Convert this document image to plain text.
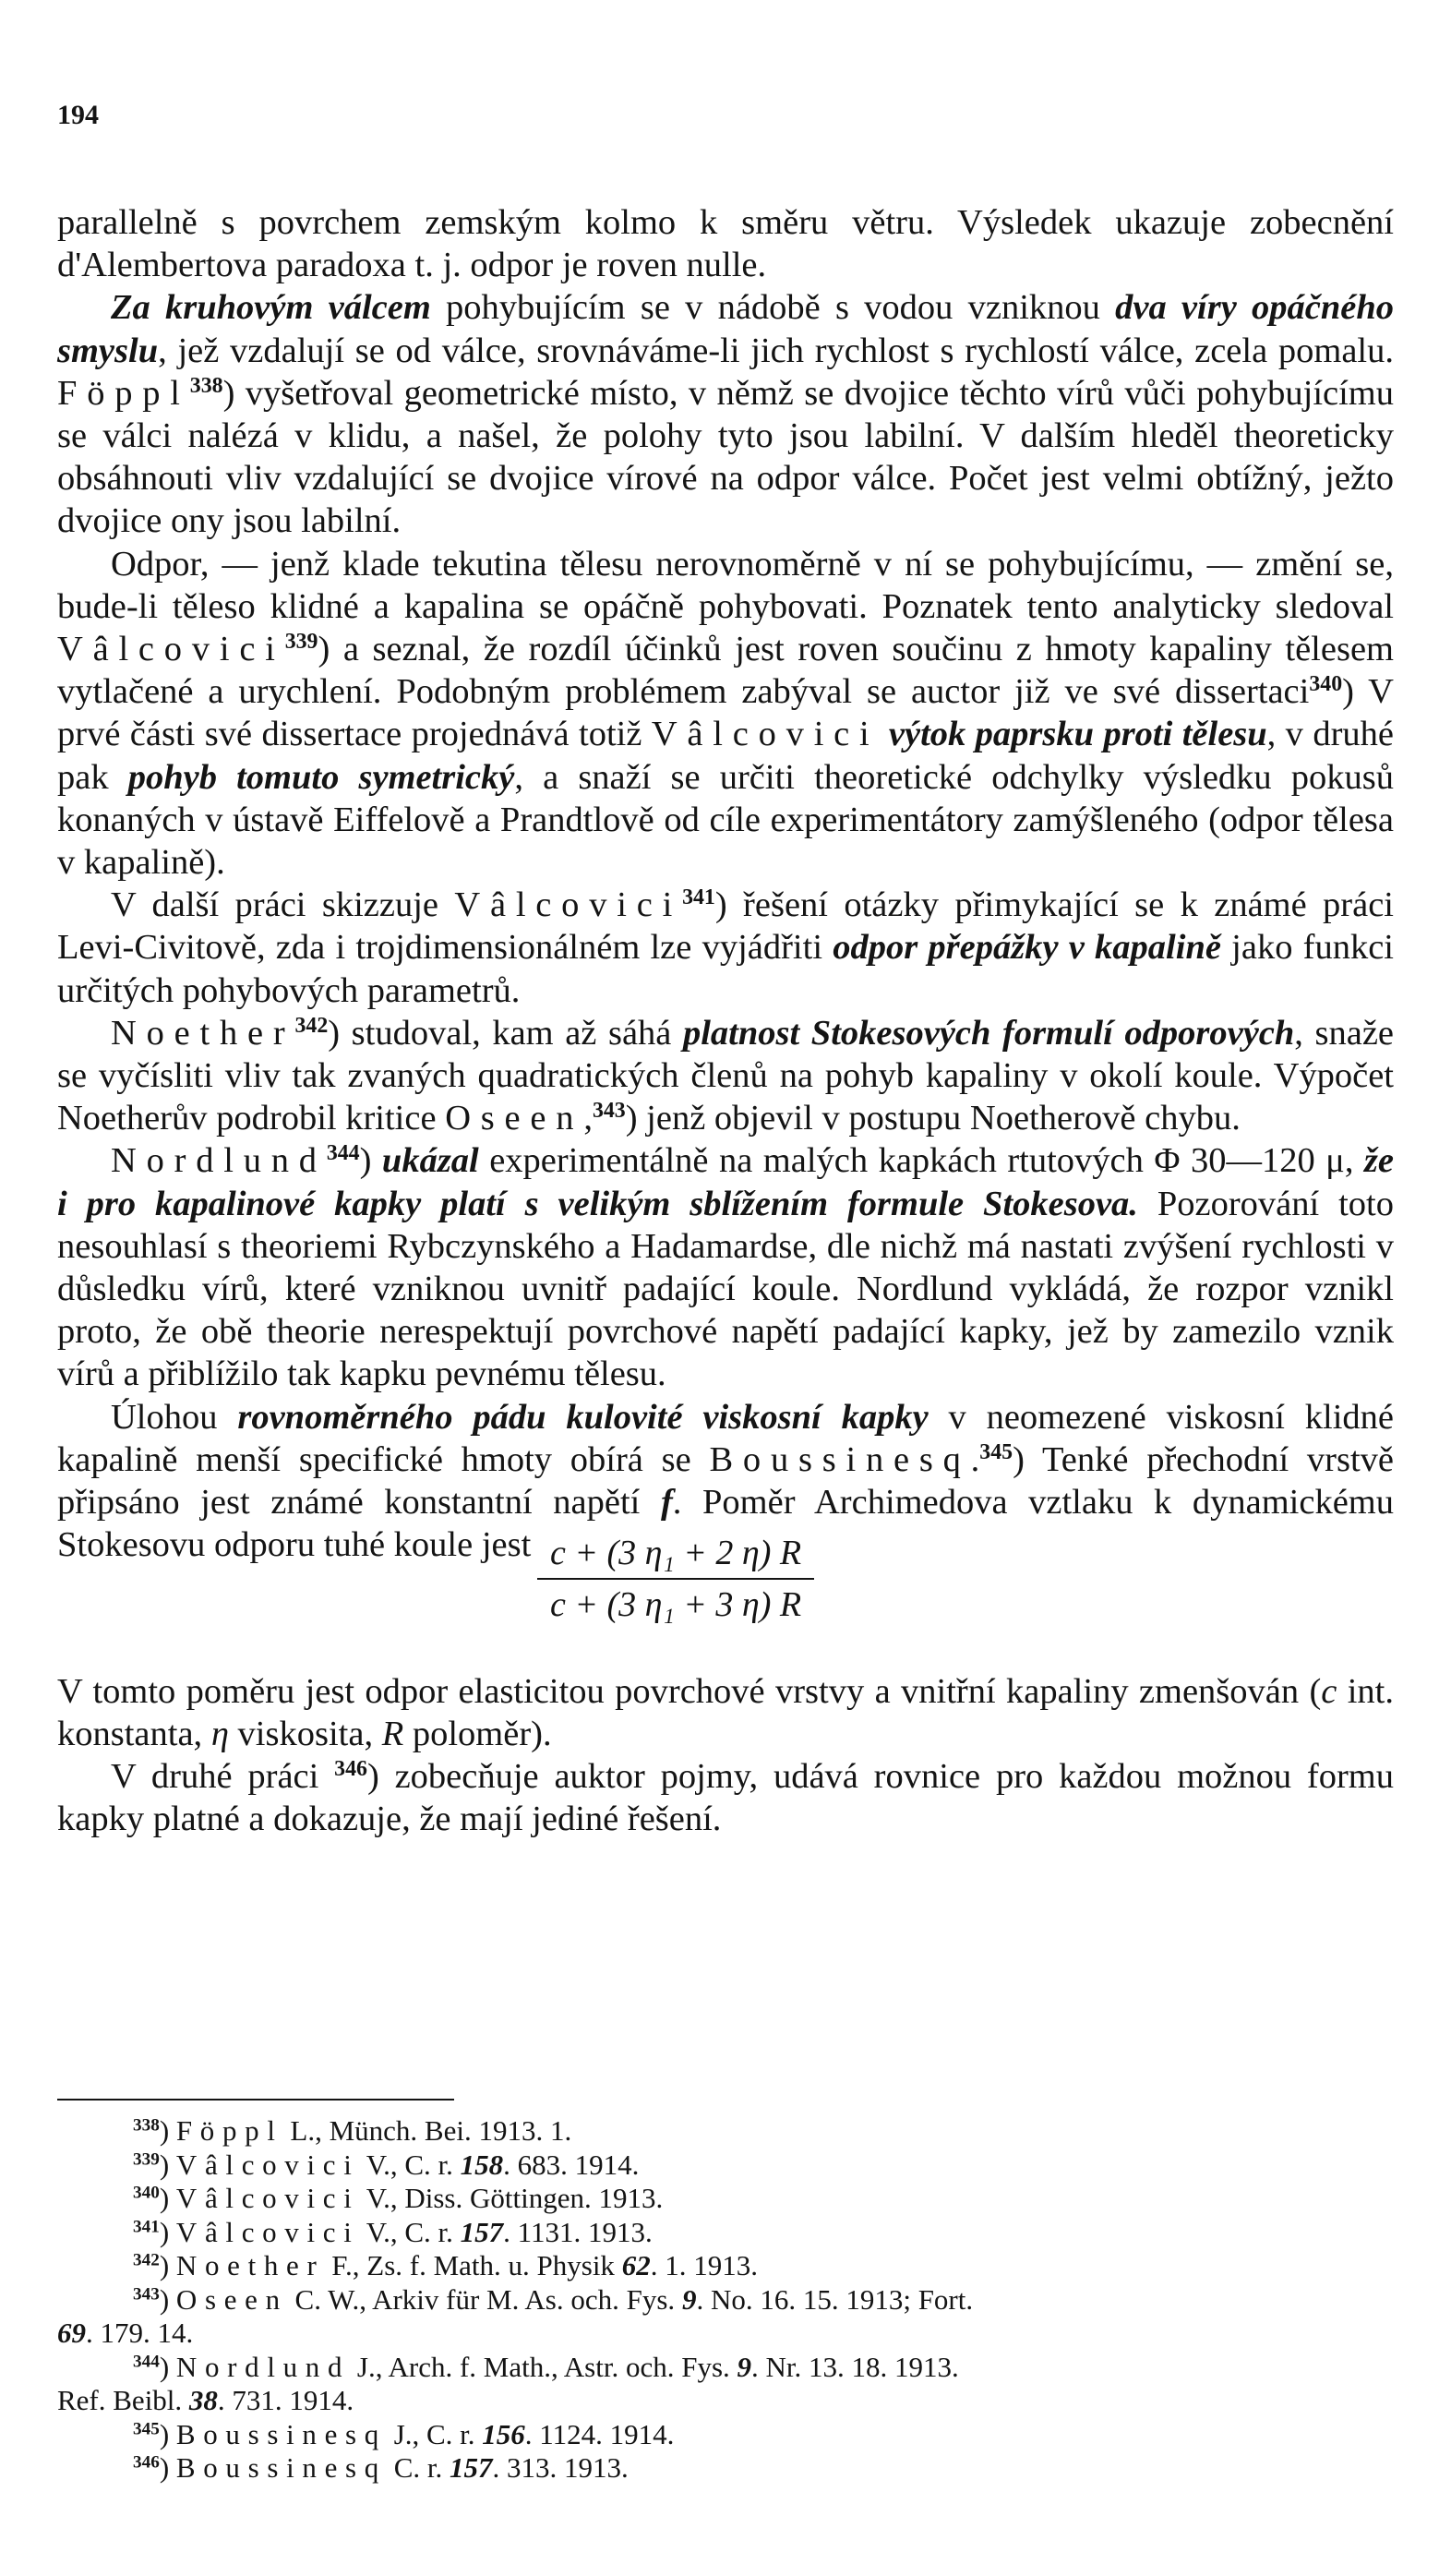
194

parallelně s povrchem zemským kolmo k směru větru. Výsledek ukazuje zobecnění d'Alembertova paradoxa t. j. odpor je roven nulle.

Za kruhovým válcem pohybujícím se v nádobě s vodou vzniknou dva víry opáčného smyslu, jež vzdalují se od válce, srovnáváme-li jich rychlost s rychlostí válce, zcela pomalu. Föppl$^{338}$) vyšetřoval geometrické místo, v němž se dvojice těchto vírů vůči pohybujícímu se válci nalézá v klidu, a našel, že polohy tyto jsou labilní. V dalším hleděl theoreticky obsáhnouti vliv vzdalující se dvojice vírové na odpor válce. Počet jest velmi obtížný, ježto dvojice ony jsou labilní.

Odpor, — jenž klade tekutina tělesu nerovnoměrně v ní se pohybujícímu, — změní se, bude-li těleso klidné a kapalina se opáčně pohybovati. Poznatek tento analyticky sledoval Vâlcovici$^{339}$) a seznal, že rozdíl účinků jest roven součinu z hmoty kapaliny tělesem vytlačené a urychlení. Podobným problémem zabýval se auctor již ve své dissertaci$^{340}$) V prvé části své dissertace projednává totiž Vâlcovici výtok paprsku proti tělesu, v druhé pak pohyb tomuto symetrický, a snaží se určiti theoretické odchylky výsledku pokusů konaných v ústavě Eiffelově a Prandtlově od cíle experimentátory zamýšleného (odpor tělesa v kapalině).

V další práci skizzuje Vâlcovici$^{341}$) řešení otázky přimykající se k známé práci Levi-Civitově, zda i trojdimensionálném lze vyjádřiti odpor přepážky v kapalině jako funkci určitých pohybových parametrů.

Noether$^{342}$) studoval, kam až sáhá platnost Stokesových formulí odporových, snaže se vyčísliti vliv tak zvaných quadratických členů na pohyb kapaliny v okolí koule. Výpočet Noetherův podrobil kritice Oseen,$^{343}$) jenž objevil v postupu Noetherově chybu.

Nordlund$^{344}$) ukázal experimentálně na malých kapkách rtutových Φ 30—120 μ, že i pro kapalinové kapky platí s velikým sblížením formule Stokesova. Pozorování toto nesouhlasí s theoriemi Rybczynského a Hadamardse, dle nichž má nastati zvýšení rychlosti v důsledku vírů, které vzniknou uvnitř padající koule. Nordlund vykládá, že rozpor vznikl proto, že obě theorie nerespektují povrchové napětí padající kapky, jež by zamezilo vznik vírů a přiblížilo tak kapku pevnému tělesu.

Úlohou rovnoměrného pádu kulovité viskosní kapky v neomezené viskosní klidné kapalině menší specifické hmoty obírá se Boussinesq.$^{345}$) Tenké přechodní vrstvě připsáno jest známé konstantní napětí f. Poměr Archimedova vztlaku k dynamickému Stokesovu odporu tuhé koule jest $\frac{\text{c + (3 η₁ + 2 η) R}}{\text{c + (3 η₁ + 3 η) R}}$

V tomto poměru jest odpor elasticitou povrchové vrstvy a vnitřní kapaliny zmenšován (c int. konstanta, η viskosita, R poloměr).

V druhé práci $^{346}$) zobecňuje auktor pojmy, udává rovnice pro každou možnou formu kapky platné a dokazuje, že mají jediné řešení.

$^{338}$) Föppl L., Münch. Bei. 1913. 1.
$^{339}$) Vâlcovici V., C. r. 158. 683. 1914.
$^{340}$) Vâlcovici V., Diss. Göttingen. 1913.
$^{341}$) Vâlcovici V., C. r. 157. 1131. 1913.
$^{342}$) Noether F., Zs. f. Math. u. Physik 62. 1. 1913.
$^{343}$) Oseen C. W., Arkiv für M. As. och. Fys. 9. No. 16. 15. 1913; Fort.
69. 179. 14.
$^{344}$) Nordlund J., Arch. f. Math., Astr. och. Fys. 9. Nr. 13. 18. 1913.
Ref. Beibl. 38. 731. 1914.
$^{345}$) Boussinesq J., C. r. 156. 1124. 1914.
$^{346}$) Boussinesq C. r. 157. 313. 1913.
